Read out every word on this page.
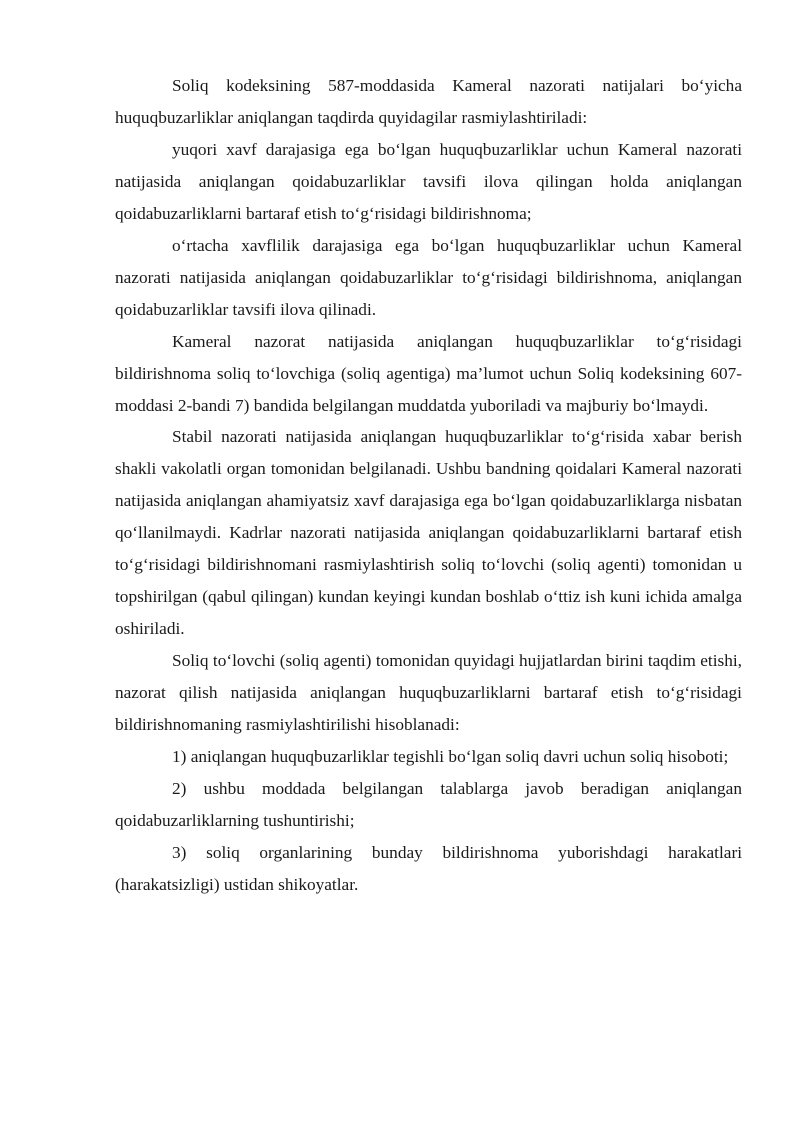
Soliq kodeksining 587-moddasida Kameral nazorati natijalari bo‘yicha huquqbuzarliklar aniqlangan taqdirda quyidagilar rasmiylashtiriladi:

yuqori xavf darajasiga ega bo‘lgan huquqbuzarliklar uchun Kameral nazorati natijasida aniqlangan qoidabuzarliklar tavsifi ilova qilingan holda aniqlangan qoidabuzarliklarni bartaraf etish to‘g‘risidagi bildirishnoma;

o‘rtacha xavflilik darajasiga ega bo‘lgan huquqbuzarliklar uchun Kameral nazorati natijasida aniqlangan qoidabuzarliklar to‘g‘risidagi bildirishnoma, aniqlangan qoidabuzarliklar tavsifi ilova qilinadi.

Kameral nazorat natijasida aniqlangan huquqbuzarliklar to‘g‘risidagi bildirishnoma soliq to‘lovchiga (soliq agentiga) ma’lumot uchun Soliq kodeksining 607-moddasi 2-bandi 7) bandida belgilangan muddatda yuboriladi va majburiy bo‘lmaydi.

Stabil nazorati natijasida aniqlangan huquqbuzarliklar to‘g‘risida xabar berish shakli vakolatli organ tomonidan belgilanadi. Ushbu bandning qoidalari Kameral nazorati natijasida aniqlangan ahamiyatsiz xavf darajasiga ega bo‘lgan qoidabuzarliklarga nisbatan qo‘llanilmaydi. Kadrlar nazorati natijasida aniqlangan qoidabuzarliklarni bartaraf etish to‘g‘risidagi bildirishnomani rasmiylashtirish soliq to‘lovchi (soliq agenti) tomonidan u topshirilgan (qabul qilingan) kundan keyingi kundan boshlab o‘ttiz ish kuni ichida amalga oshiriladi.

Soliq to‘lovchi (soliq agenti) tomonidan quyidagi hujjatlardan birini taqdim etishi, nazorat qilish natijasida aniqlangan huquqbuzarliklarni bartaraf etish to‘g‘risidagi bildirishnomaning rasmiylashtirilishi hisoblanadi:

1) aniqlangan huquqbuzarliklar tegishli bo‘lgan soliq davri uchun soliq hisoboti;

2) ushbu moddada belgilangan talablarga javob beradigan aniqlangan qoidabuzarliklarning tushuntirishi;

3) soliq organlarining bunday bildirishnoma yuborishdagi harakatlari (harakatsizligi) ustidan shikoyatlar.
